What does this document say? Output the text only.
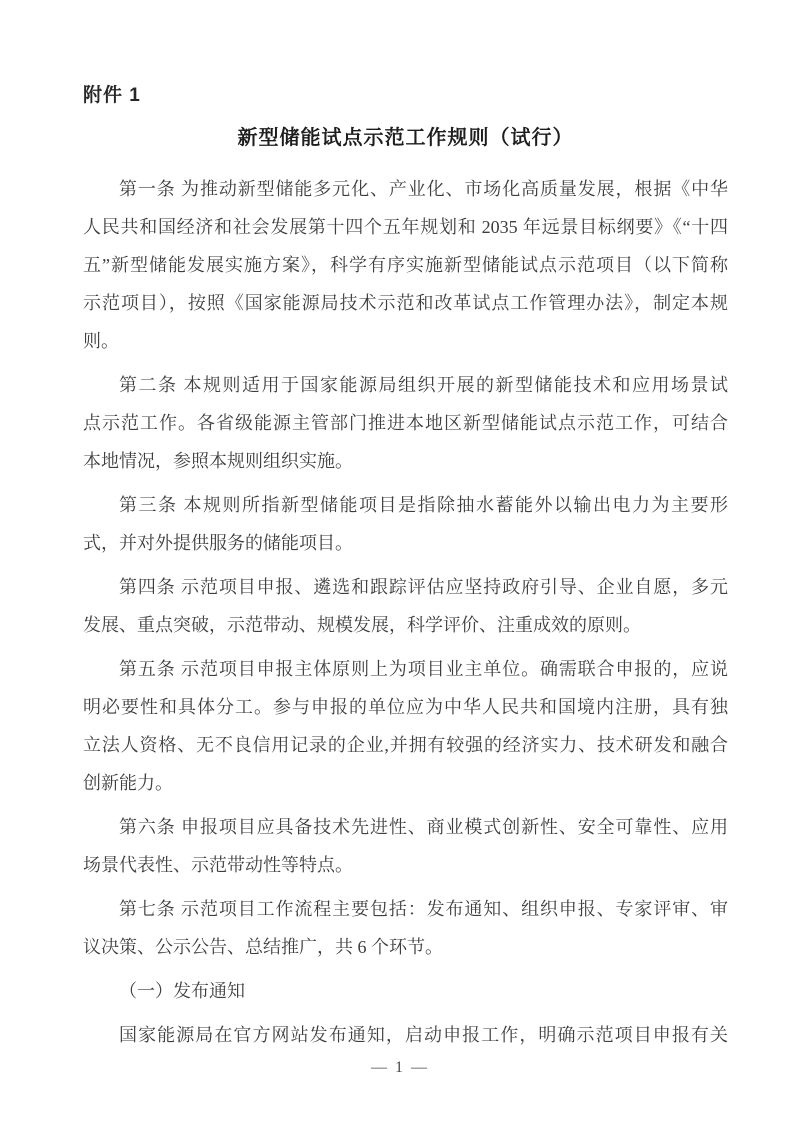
附件 1
新型储能试点示范工作规则（试行）
第一条 为推动新型储能多元化、产业化、市场化高质量发展，根据《中华
人民共和国经济和社会发展第十四个五年规划和 2035 年远景目标纲要》《“十四
五”新型储能发展实施方案》，科学有序实施新型储能试点示范项目（以下简称
示范项目），按照《国家能源局技术示范和改革试点工作管理办法》，制定本规
则。
第二条 本规则适用于国家能源局组织开展的新型储能技术和应用场景试
点示范工作。各省级能源主管部门推进本地区新型储能试点示范工作，可结合
本地情况，参照本规则组织实施。
第三条 本规则所指新型储能项目是指除抽水蓄能外以输出电力为主要形
式，并对外提供服务的储能项目。
第四条 示范项目申报、遴选和跟踪评估应坚持政府引导、企业自愿，多元
发展、重点突破，示范带动、规模发展，科学评价、注重成效的原则。
第五条 示范项目申报主体原则上为项目业主单位。确需联合申报的，应说
明必要性和具体分工。参与申报的单位应为中华人民共和国境内注册，具有独
立法人资格、无不良信用记录的企业,并拥有较强的经济实力、技术研发和融合
创新能力。
第六条 申报项目应具备技术先进性、商业模式创新性、安全可靠性、应用
场景代表性、示范带动性等特点。
第七条 示范项目工作流程主要包括：发布通知、组织申报、专家评审、审
议决策、公示公告、总结推广，共 6 个环节。
（一）发布通知
国家能源局在官方网站发布通知，启动申报工作，明确示范项目申报有关
— 1 —
